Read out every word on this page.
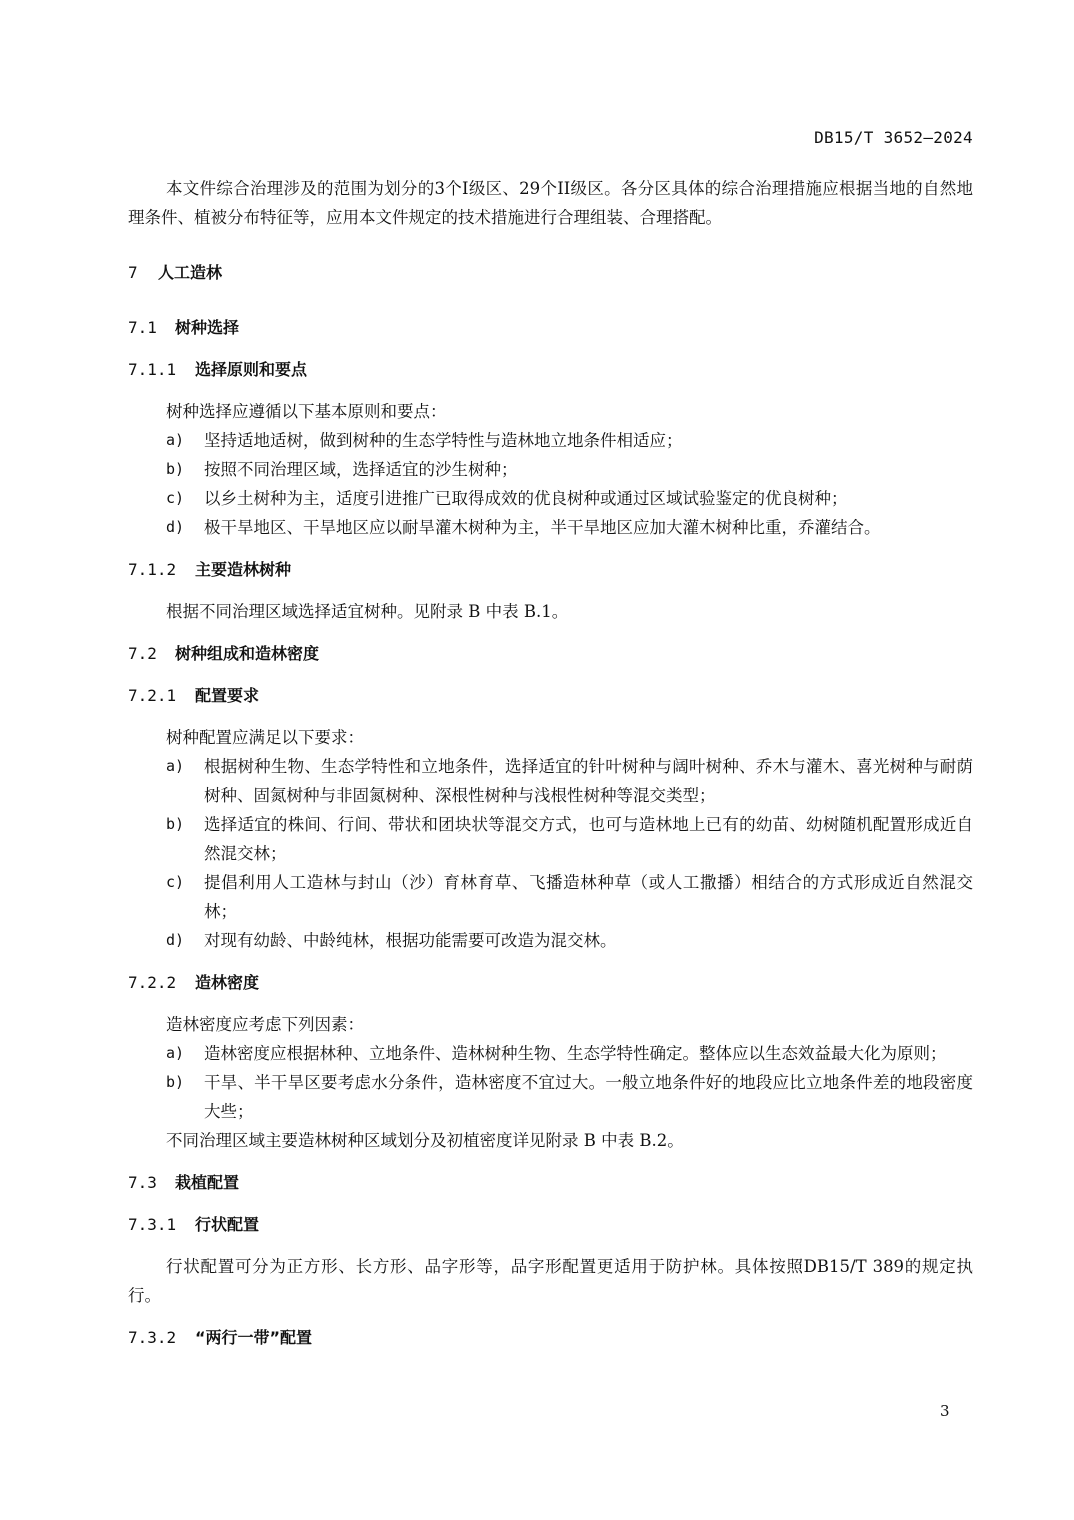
DB15/T 3652—2024

本文件综合治理涉及的范围为划分的3个I级区、29个II级区。各分区具体的综合治理措施应根据当地的自然地理条件、植被分布特征等，应用本文件规定的技术措施进行合理组装、合理搭配。

7 人工造林
7.1 树种选择
7.1.1 选择原则和要点

树种选择应遵循以下基本原则和要点：

a)	坚持适地适树，做到树种的生态学特性与造林地立地条件相适应；
b)	按照不同治理区域，选择适宜的沙生树种；
c)	以乡土树种为主，适度引进推广已取得成效的优良树种或通过区域试验鉴定的优良树种；
d)	极干旱地区、干旱地区应以耐旱灌木树种为主，半干旱地区应加大灌木树种比重，乔灌结合。
7.1.2 主要造林树种

根据不同治理区域选择适宜树种。见附录 B 中表 B.1。

7.2 树种组成和造林密度
7.2.1 配置要求

树种配置应满足以下要求：

a)	根据树种生物、生态学特性和立地条件，选择适宜的针叶树种与阔叶树种、乔木与灌木、喜光树种与耐荫树种、固氮树种与非固氮树种、深根性树种与浅根性树种等混交类型；
b)	选择适宜的株间、行间、带状和团块状等混交方式，也可与造林地上已有的幼苗、幼树随机配置形成近自然混交林；
c)	提倡利用人工造林与封山（沙）育林育草、飞播造林种草（或人工撒播）相结合的方式形成近自然混交林；
d)	对现有幼龄、中龄纯林，根据功能需要可改造为混交林。
7.2.2 造林密度

造林密度应考虑下列因素：

a)	造林密度应根据林种、立地条件、造林树种生物、生态学特性确定。整体应以生态效益最大化为原则；
b)	干旱、半干旱区要考虑水分条件，造林密度不宜过大。一般立地条件好的地段应比立地条件差的地段密度大些；

不同治理区域主要造林树种区域划分及初植密度详见附录 B 中表 B.2。

7.3 栽植配置
7.3.1 行状配置

行状配置可分为正方形、长方形、品字形等，品字形配置更适用于防护林。具体按照DB15/T 389的规定执行。

7.3.2 “两行一带”配置
3
